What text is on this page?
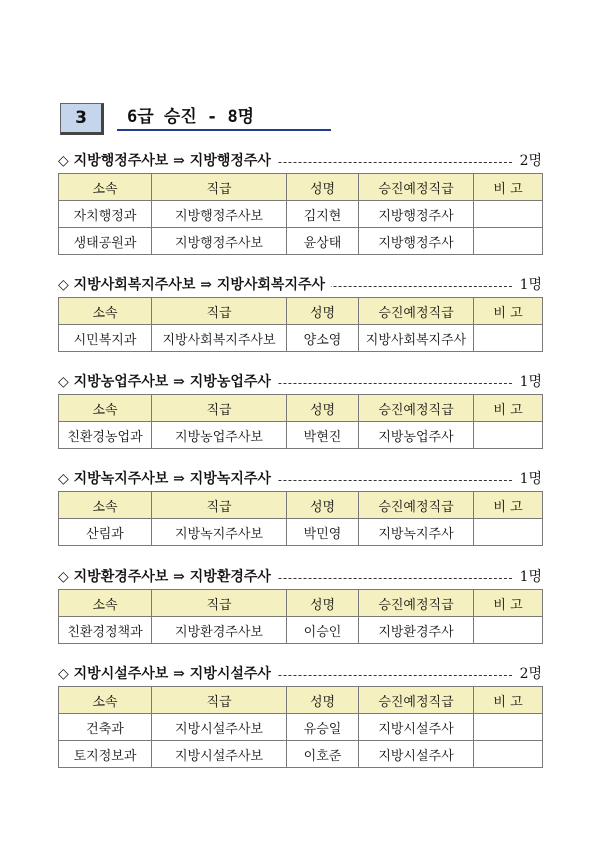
3	6급 승진 - 8명
◇ 지방행정주사보 ⇒ 지방행정주사	2명
소속	직급	성명	승진예정직급	비 고
자치행정과	지방행정주사보	김지현	지방행정주사	
생태공원과	지방행정주사보	윤상태	지방행정주사	
◇ 지방사회복지주사보 ⇒ 지방사회복지주사	1명
소속	직급	성명	승진예정직급	비 고
시민복지과	지방사회복지주사보	양소영	지방사회복지주사	
◇ 지방농업주사보 ⇒ 지방농업주사	1명
소속	직급	성명	승진예정직급	비 고
친환경농업과	지방농업주사보	박현진	지방농업주사	
◇ 지방녹지주사보 ⇒ 지방녹지주사	1명
소속	직급	성명	승진예정직급	비 고
산림과	지방녹지주사보	박민영	지방녹지주사	
◇ 지방환경주사보 ⇒ 지방환경주사	1명
소속	직급	성명	승진예정직급	비 고
친환경정책과	지방환경주사보	이승인	지방환경주사	
◇ 지방시설주사보 ⇒ 지방시설주사	2명
소속	직급	성명	승진예정직급	비 고
건축과	지방시설주사보	유승일	지방시설주사	
토지정보과	지방시설주사보	이호준	지방시설주사	
